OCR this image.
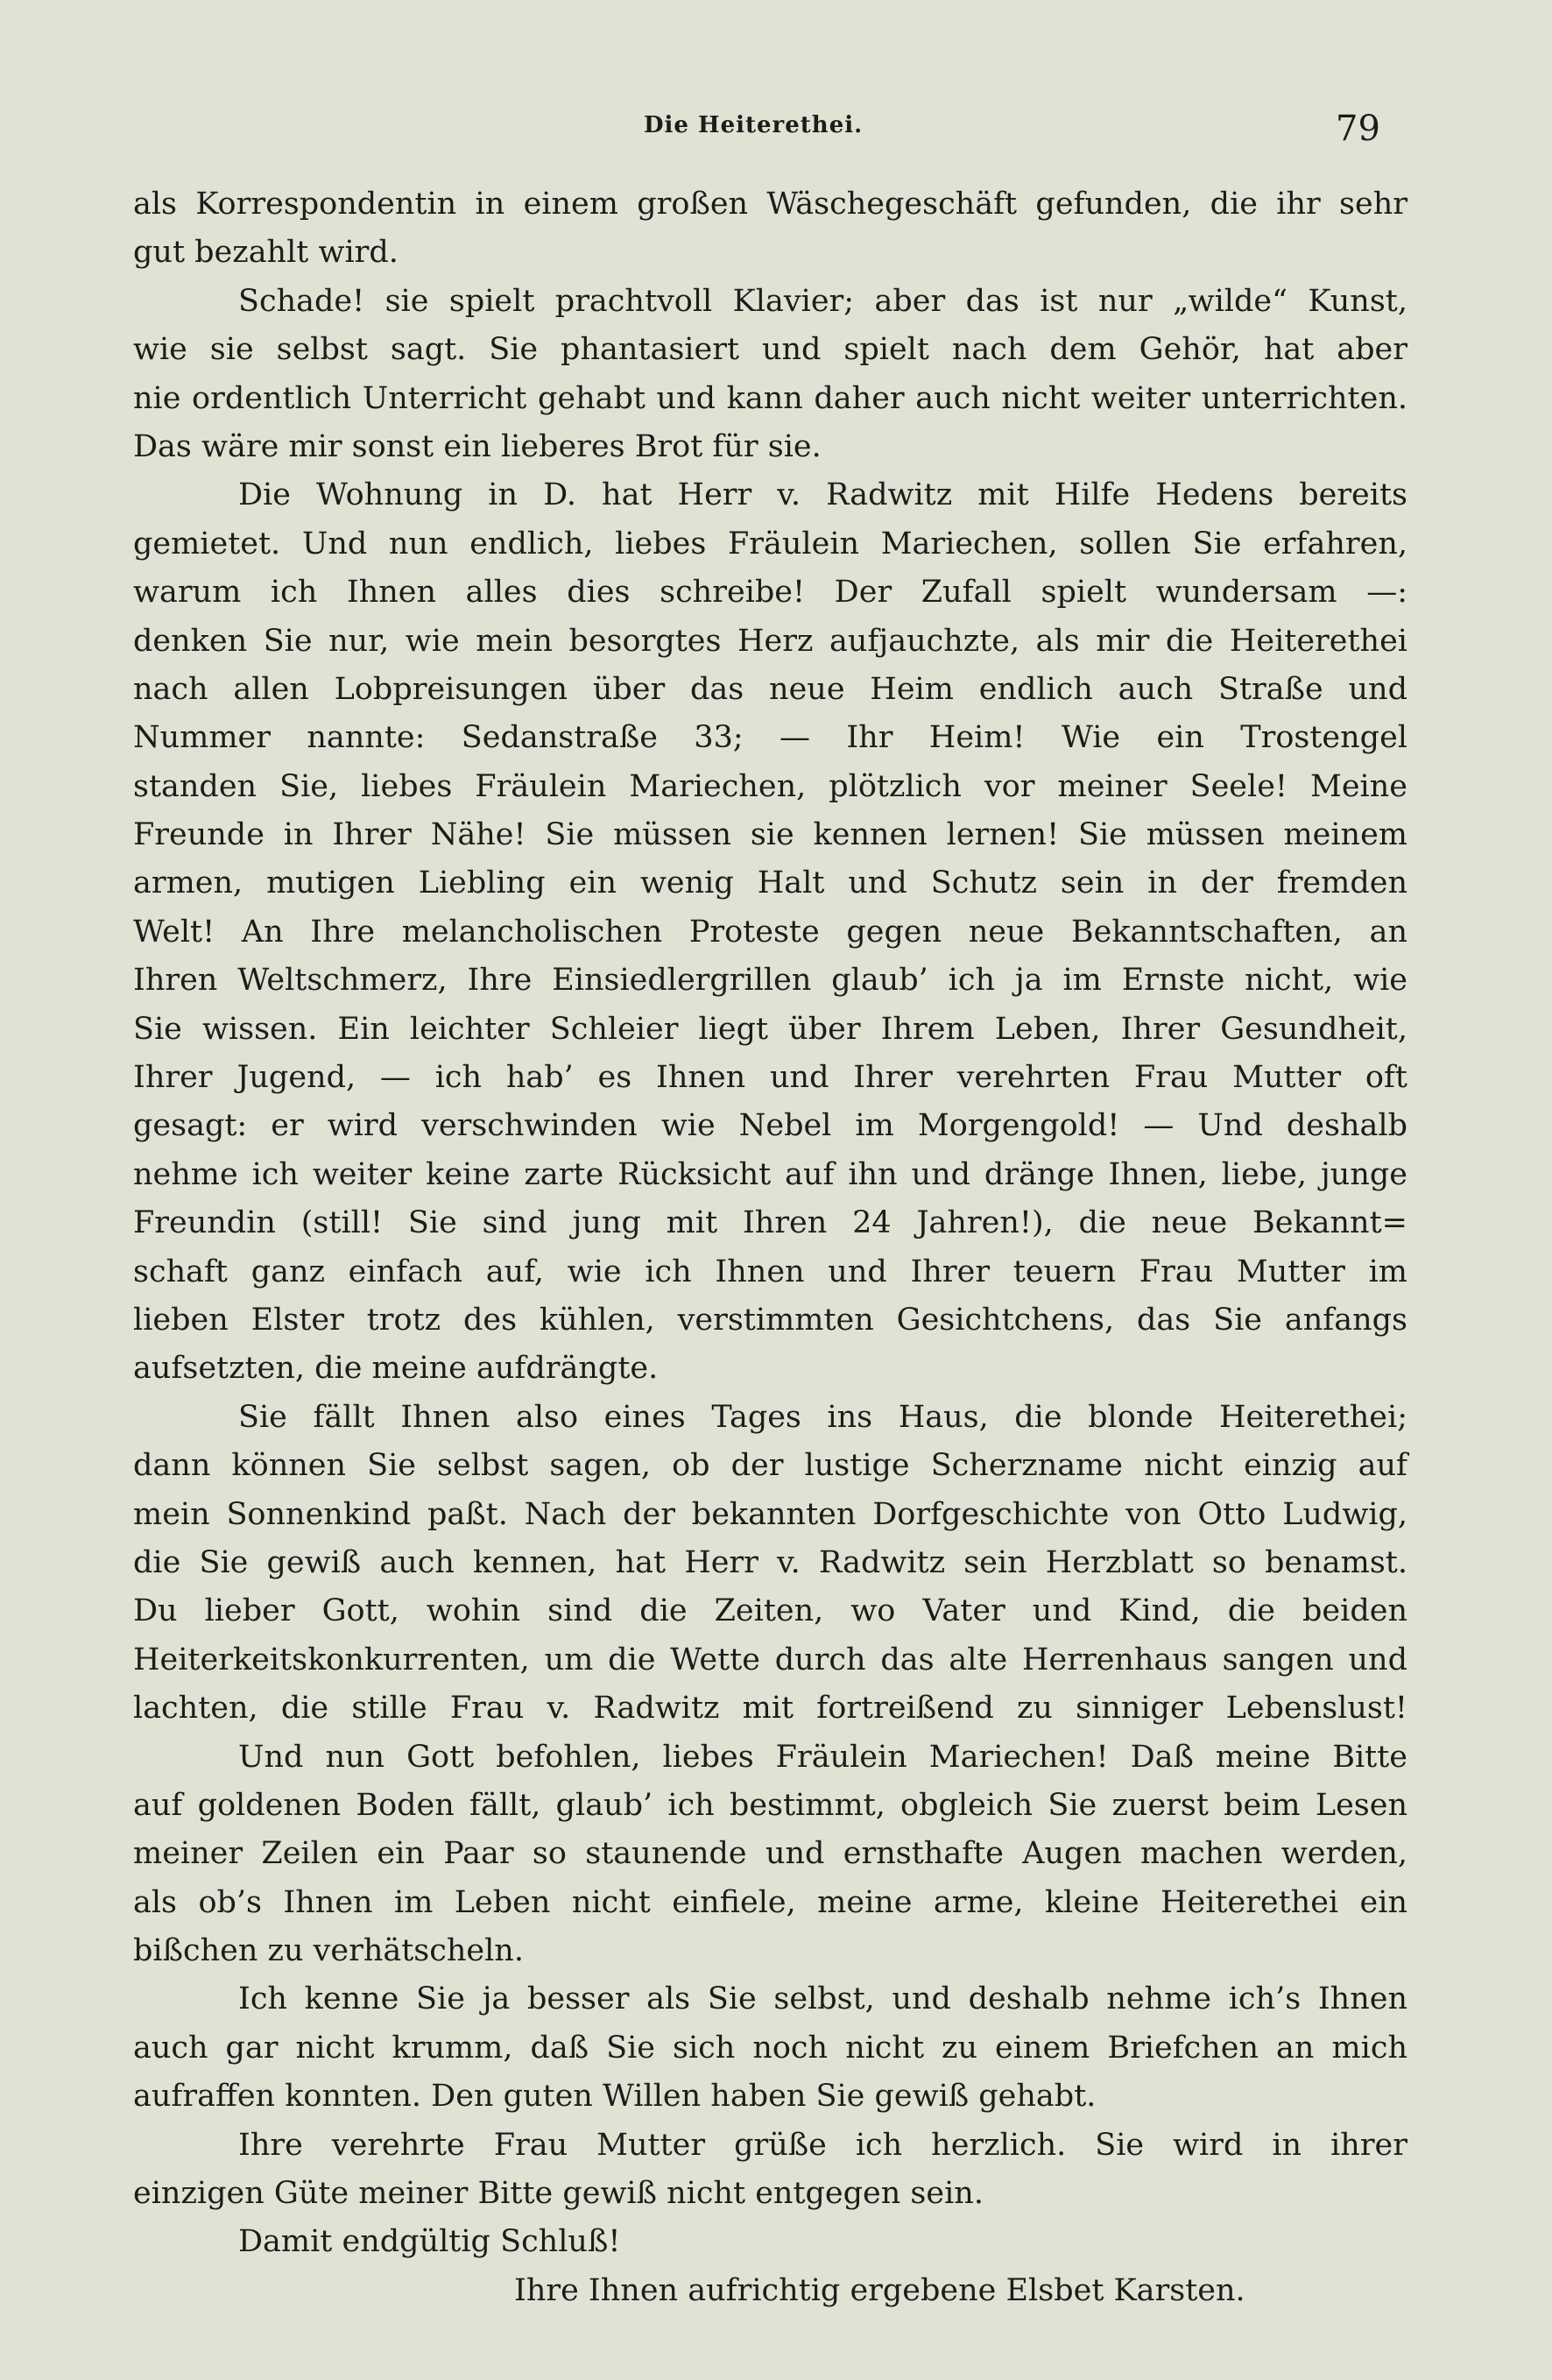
Die Heiterethei.	79
als Korrespondentin in einem großen Wäschegeschäft gefunden, die ihr sehr
gut bezahlt wird.
Schade! sie spielt prachtvoll Klavier; aber das ist nur „wilde“ Kunst,
wie sie selbst sagt. Sie phantasiert und spielt nach dem Gehör, hat aber
nie ordentlich Unterricht gehabt und kann daher auch nicht weiter unterrichten.
Das wäre mir sonst ein lieberes Brot für sie.
Die Wohnung in D. hat Herr v. Radwitz mit Hilfe Hedens bereits
gemietet. Und nun endlich, liebes Fräulein Mariechen, sollen Sie erfahren,
warum ich Ihnen alles dies schreibe! Der Zufall spielt wundersam —:
denken Sie nur, wie mein besorgtes Herz aufjauchzte, als mir die Heiterethei
nach allen Lobpreisungen über das neue Heim endlich auch Straße und
Nummer nannte: Sedanstraße 33; — Ihr Heim! Wie ein Trostengel
standen Sie, liebes Fräulein Mariechen, plötzlich vor meiner Seele! Meine
Freunde in Ihrer Nähe! Sie müssen sie kennen lernen! Sie müssen meinem
armen, mutigen Liebling ein wenig Halt und Schutz sein in der fremden
Welt! An Ihre melancholischen Proteste gegen neue Bekanntschaften, an
Ihren Weltschmerz, Ihre Einsiedlergrillen glaub’ ich ja im Ernste nicht, wie
Sie wissen. Ein leichter Schleier liegt über Ihrem Leben, Ihrer Gesundheit,
Ihrer Jugend, — ich hab’ es Ihnen und Ihrer verehrten Frau Mutter oft
gesagt: er wird verschwinden wie Nebel im Morgengold! — Und deshalb
nehme ich weiter keine zarte Rücksicht auf ihn und dränge Ihnen, liebe, junge
Freundin (still! Sie sind jung mit Ihren 24 Jahren!), die neue Bekannt=
schaft ganz einfach auf, wie ich Ihnen und Ihrer teuern Frau Mutter im
lieben Elster trotz des kühlen, verstimmten Gesichtchens, das Sie anfangs
aufsetzten, die meine aufdrängte.
Sie fällt Ihnen also eines Tages ins Haus, die blonde Heiterethei;
dann können Sie selbst sagen, ob der lustige Scherzname nicht einzig auf
mein Sonnenkind paßt. Nach der bekannten Dorfgeschichte von Otto Ludwig,
die Sie gewiß auch kennen, hat Herr v. Radwitz sein Herzblatt so benamst.
Du lieber Gott, wohin sind die Zeiten, wo Vater und Kind, die beiden
Heiterkeitskonkurrenten, um die Wette durch das alte Herrenhaus sangen und
lachten, die stille Frau v. Radwitz mit fortreißend zu sinniger Lebenslust!
Und nun Gott befohlen, liebes Fräulein Mariechen! Daß meine Bitte
auf goldenen Boden fällt, glaub’ ich bestimmt, obgleich Sie zuerst beim Lesen
meiner Zeilen ein Paar so staunende und ernsthafte Augen machen werden,
als ob’s Ihnen im Leben nicht einfiele, meine arme, kleine Heiterethei ein
bißchen zu verhätscheln.
Ich kenne Sie ja besser als Sie selbst, und deshalb nehme ich’s Ihnen
auch gar nicht krumm, daß Sie sich noch nicht zu einem Briefchen an mich
aufraffen konnten. Den guten Willen haben Sie gewiß gehabt.
Ihre verehrte Frau Mutter grüße ich herzlich. Sie wird in ihrer
einzigen Güte meiner Bitte gewiß nicht entgegen sein.
Damit endgültig Schluß!
Ihre Ihnen aufrichtig ergebene Elsbet Karsten.
